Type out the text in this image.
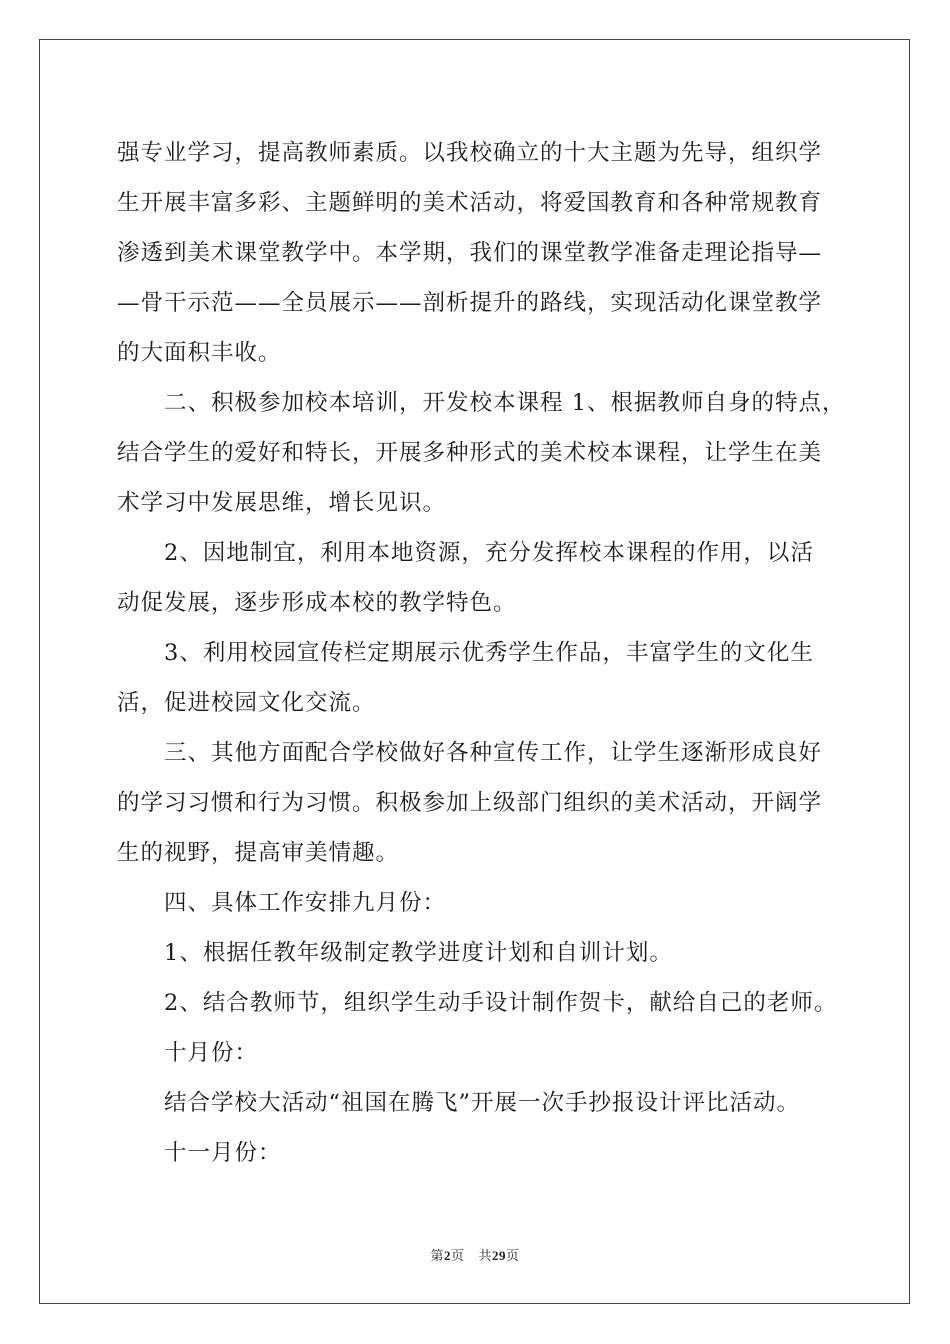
强专业学习，提高教师素质。以我校确立的十大主题为先导，组织学
生开展丰富多彩、主题鲜明的美术活动，将爱国教育和各种常规教育
渗透到美术课堂教学中。本学期，我们的课堂教学准备走理论指导—
—骨干示范——全员展示——剖析提升的路线，实现活动化课堂教学
的大面积丰收。
二、积极参加校本培训，开发校本课程 1、根据教师自身的特点，
结合学生的爱好和特长，开展多种形式的美术校本课程，让学生在美
术学习中发展思维，增长见识。
2、因地制宜，利用本地资源，充分发挥校本课程的作用，以活
动促发展，逐步形成本校的教学特色。
3、利用校园宣传栏定期展示优秀学生作品，丰富学生的文化生
活，促进校园文化交流。
三、其他方面配合学校做好各种宣传工作，让学生逐渐形成良好
的学习习惯和行为习惯。积极参加上级部门组织的美术活动，开阔学
生的视野，提高审美情趣。
四、具体工作安排九月份：
1、根据任教年级制定教学进度计划和自训计划。
2、结合教师节，组织学生动手设计制作贺卡，献给自己的老师。
十月份：
结合学校大活动“祖国在腾飞”开展一次手抄报设计评比活动。
十一月份：
第2页 共29页
